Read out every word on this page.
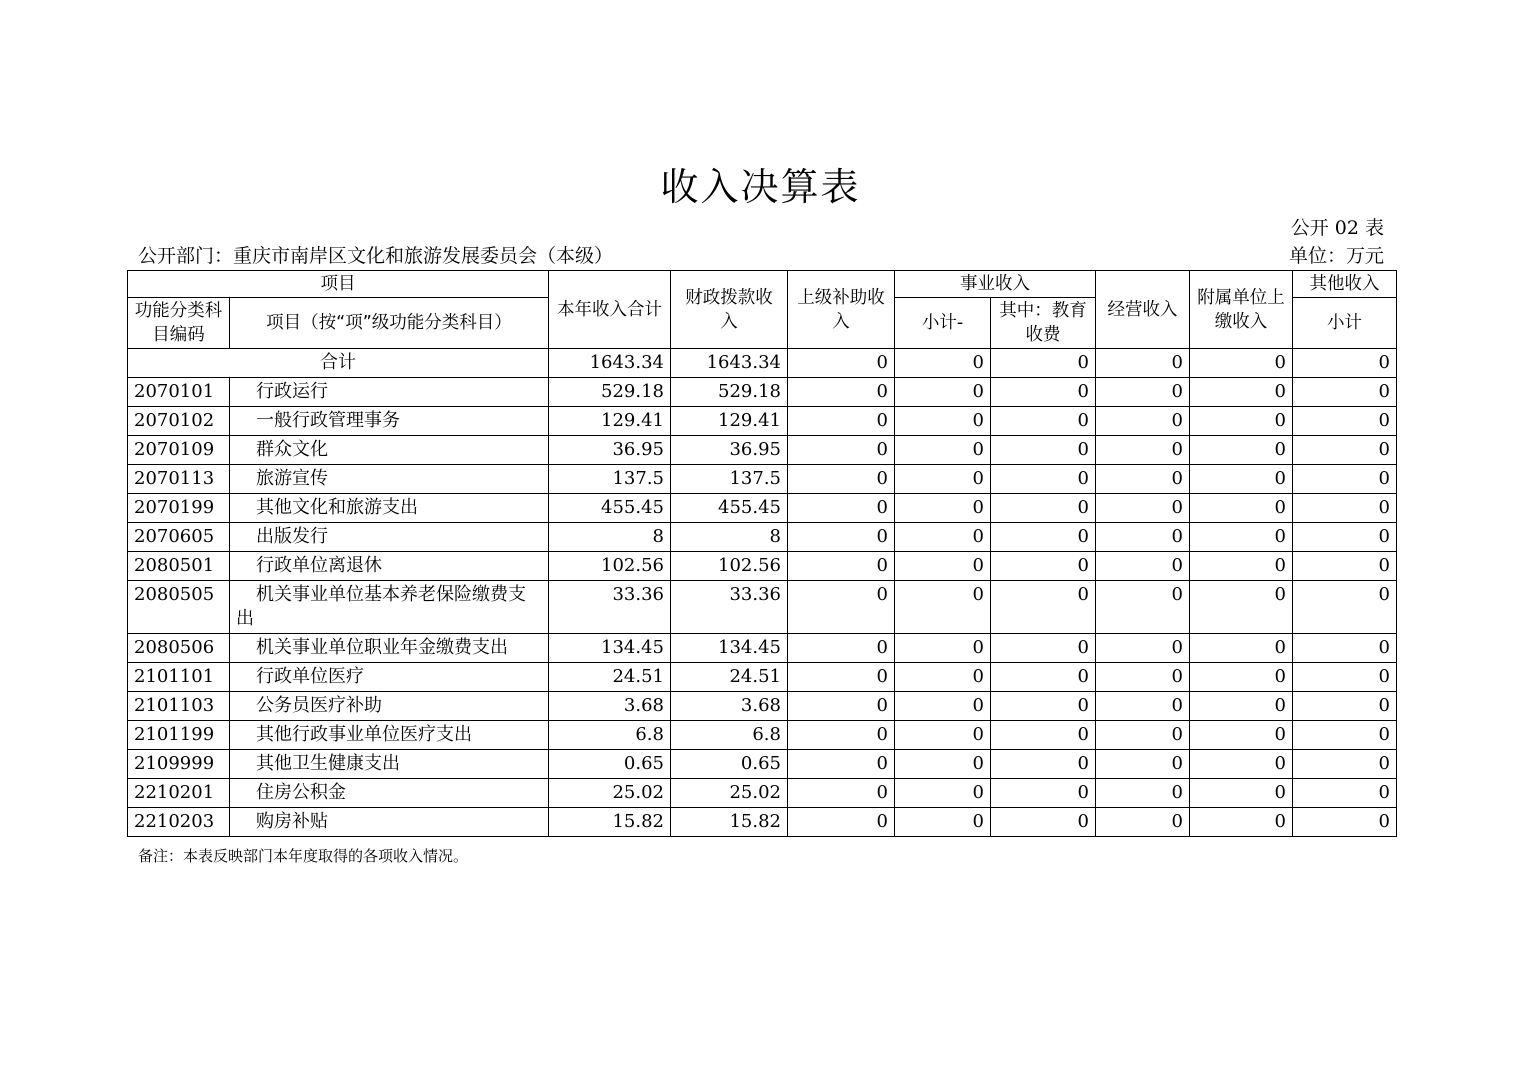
收入决算表
公开 02 表
公开部门：重庆市南岸区文化和旅游发展委员会（本级）	单位：万元
项目		本年收入合计	财政拨款收入	上级补助收入	事业收入		经营收入	附属单位上缴收入	其他收入
功能分类科目编码	项目（按“项”级功能分类科目）				小计-	其中：教育收费			小计
合计		1643.34	1643.34	0	0	0	0	0	0
2070101	行政运行	529.18	529.18	0	0	0	0	0	0
2070102	一般行政管理事务	129.41	129.41	0	0	0	0	0	0
2070109	群众文化	36.95	36.95	0	0	0	0	0	0
2070113	旅游宣传	137.5	137.5	0	0	0	0	0	0
2070199	其他文化和旅游支出	455.45	455.45	0	0	0	0	0	0
2070605	出版发行	8	8	0	0	0	0	0	0
2080501	行政单位离退休	102.56	102.56	0	0	0	0	0	0
2080505	机关事业单位基本养老保险缴费支出	33.36	33.36	0	0	0	0	0	0
2080506	机关事业单位职业年金缴费支出	134.45	134.45	0	0	0	0	0	0
2101101	行政单位医疗	24.51	24.51	0	0	0	0	0	0
2101103	公务员医疗补助	3.68	3.68	0	0	0	0	0	0
2101199	其他行政事业单位医疗支出	6.8	6.8	0	0	0	0	0	0
2109999	其他卫生健康支出	0.65	0.65	0	0	0	0	0	0
2210201	住房公积金	25.02	25.02	0	0	0	0	0	0
2210203	购房补贴	15.82	15.82	0	0	0	0	0	0
备注：本表反映部门本年度取得的各项收入情况。
